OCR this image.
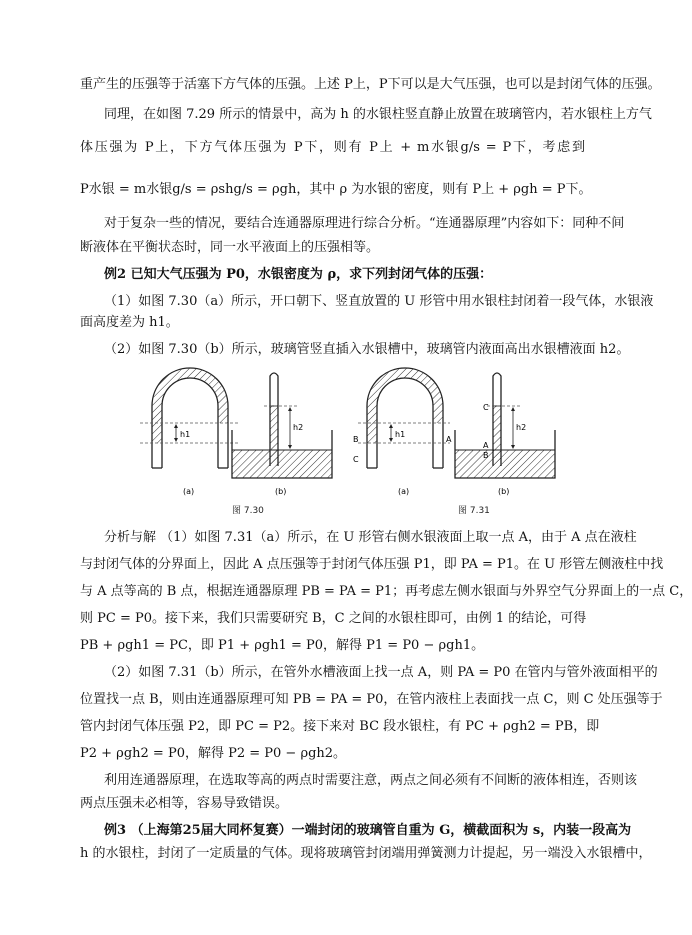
重产生的压强等于活塞下方气体的压强。上述 P上，P下可以是大气压强，也可以是封闭气体的压强。
同理，在如图 7.29 所示的情景中，高为 h 的水银柱竖直静止放置在玻璃管内，若水银柱上方气
体压强为 P上，下方气体压强为 P下，则有 P上 + m水银g/s = P下，考虑到
P水银 = m水银g/s = ρshg/s = ρgh，其中 ρ 为水银的密度，则有 P上 + ρgh = P下。
对于复杂一些的情况，要结合连通器原理进行综合分析。“连通器原理”内容如下：同种不间
断液体在平衡状态时，同一水平液面上的压强相等。
例2 已知大气压强为 P0，水银密度为 ρ，求下列封闭气体的压强：
（1）如图 7.30（a）所示，开口朝下、竖直放置的 U 形管中用水银柱封闭着一段气体，水银液
面高度差为 h1。
（2）如图 7.30（b）所示，玻璃管竖直插入水银槽中，玻璃管内液面高出水银槽液面 h2。
h1
(a)
h2
(b)
图 7.30
h1
B
C
A
(a)
h2
C
A
B
(b)
图 7.31
分析与解 （1）如图 7.31（a）所示，在 U 形管右侧水银液面上取一点 A，由于 A 点在液柱
与封闭气体的分界面上，因此 A 点压强等于封闭气体压强 P1，即 PA = P1。在 U 形管左侧液柱中找
与 A 点等高的 B 点，根据连通器原理 PB = PA = P1；再考虑左侧水银面与外界空气分界面上的一点 C，
则 PC = P0。接下来，我们只需要研究 B，C 之间的水银柱即可，由例 1 的结论，可得
PB + ρgh1 = PC，即 P1 + ρgh1 = P0，解得 P1 = P0 − ρgh1。
（2）如图 7.31（b）所示，在管外水槽液面上找一点 A，则 PA = P0 在管内与管外液面相平的
位置找一点 B，则由连通器原理可知 PB = PA = P0，在管内液柱上表面找一点 C，则 C 处压强等于
管内封闭气体压强 P2，即 PC = P2。接下来对 BC 段水银柱，有 PC + ρgh2 = PB，即
P2 + ρgh2 = P0，解得 P2 = P0 − ρgh2。
利用连通器原理，在选取等高的两点时需要注意，两点之间必须有不间断的液体相连，否则该
两点压强未必相等，容易导致错误。
例3 （上海第25届大同杯复赛）一端封闭的玻璃管自重为 G，横截面积为 s，内装一段高为
h 的水银柱，封闭了一定质量的气体。现将玻璃管封闭端用弹簧测力计提起，另一端没入水银槽中，
